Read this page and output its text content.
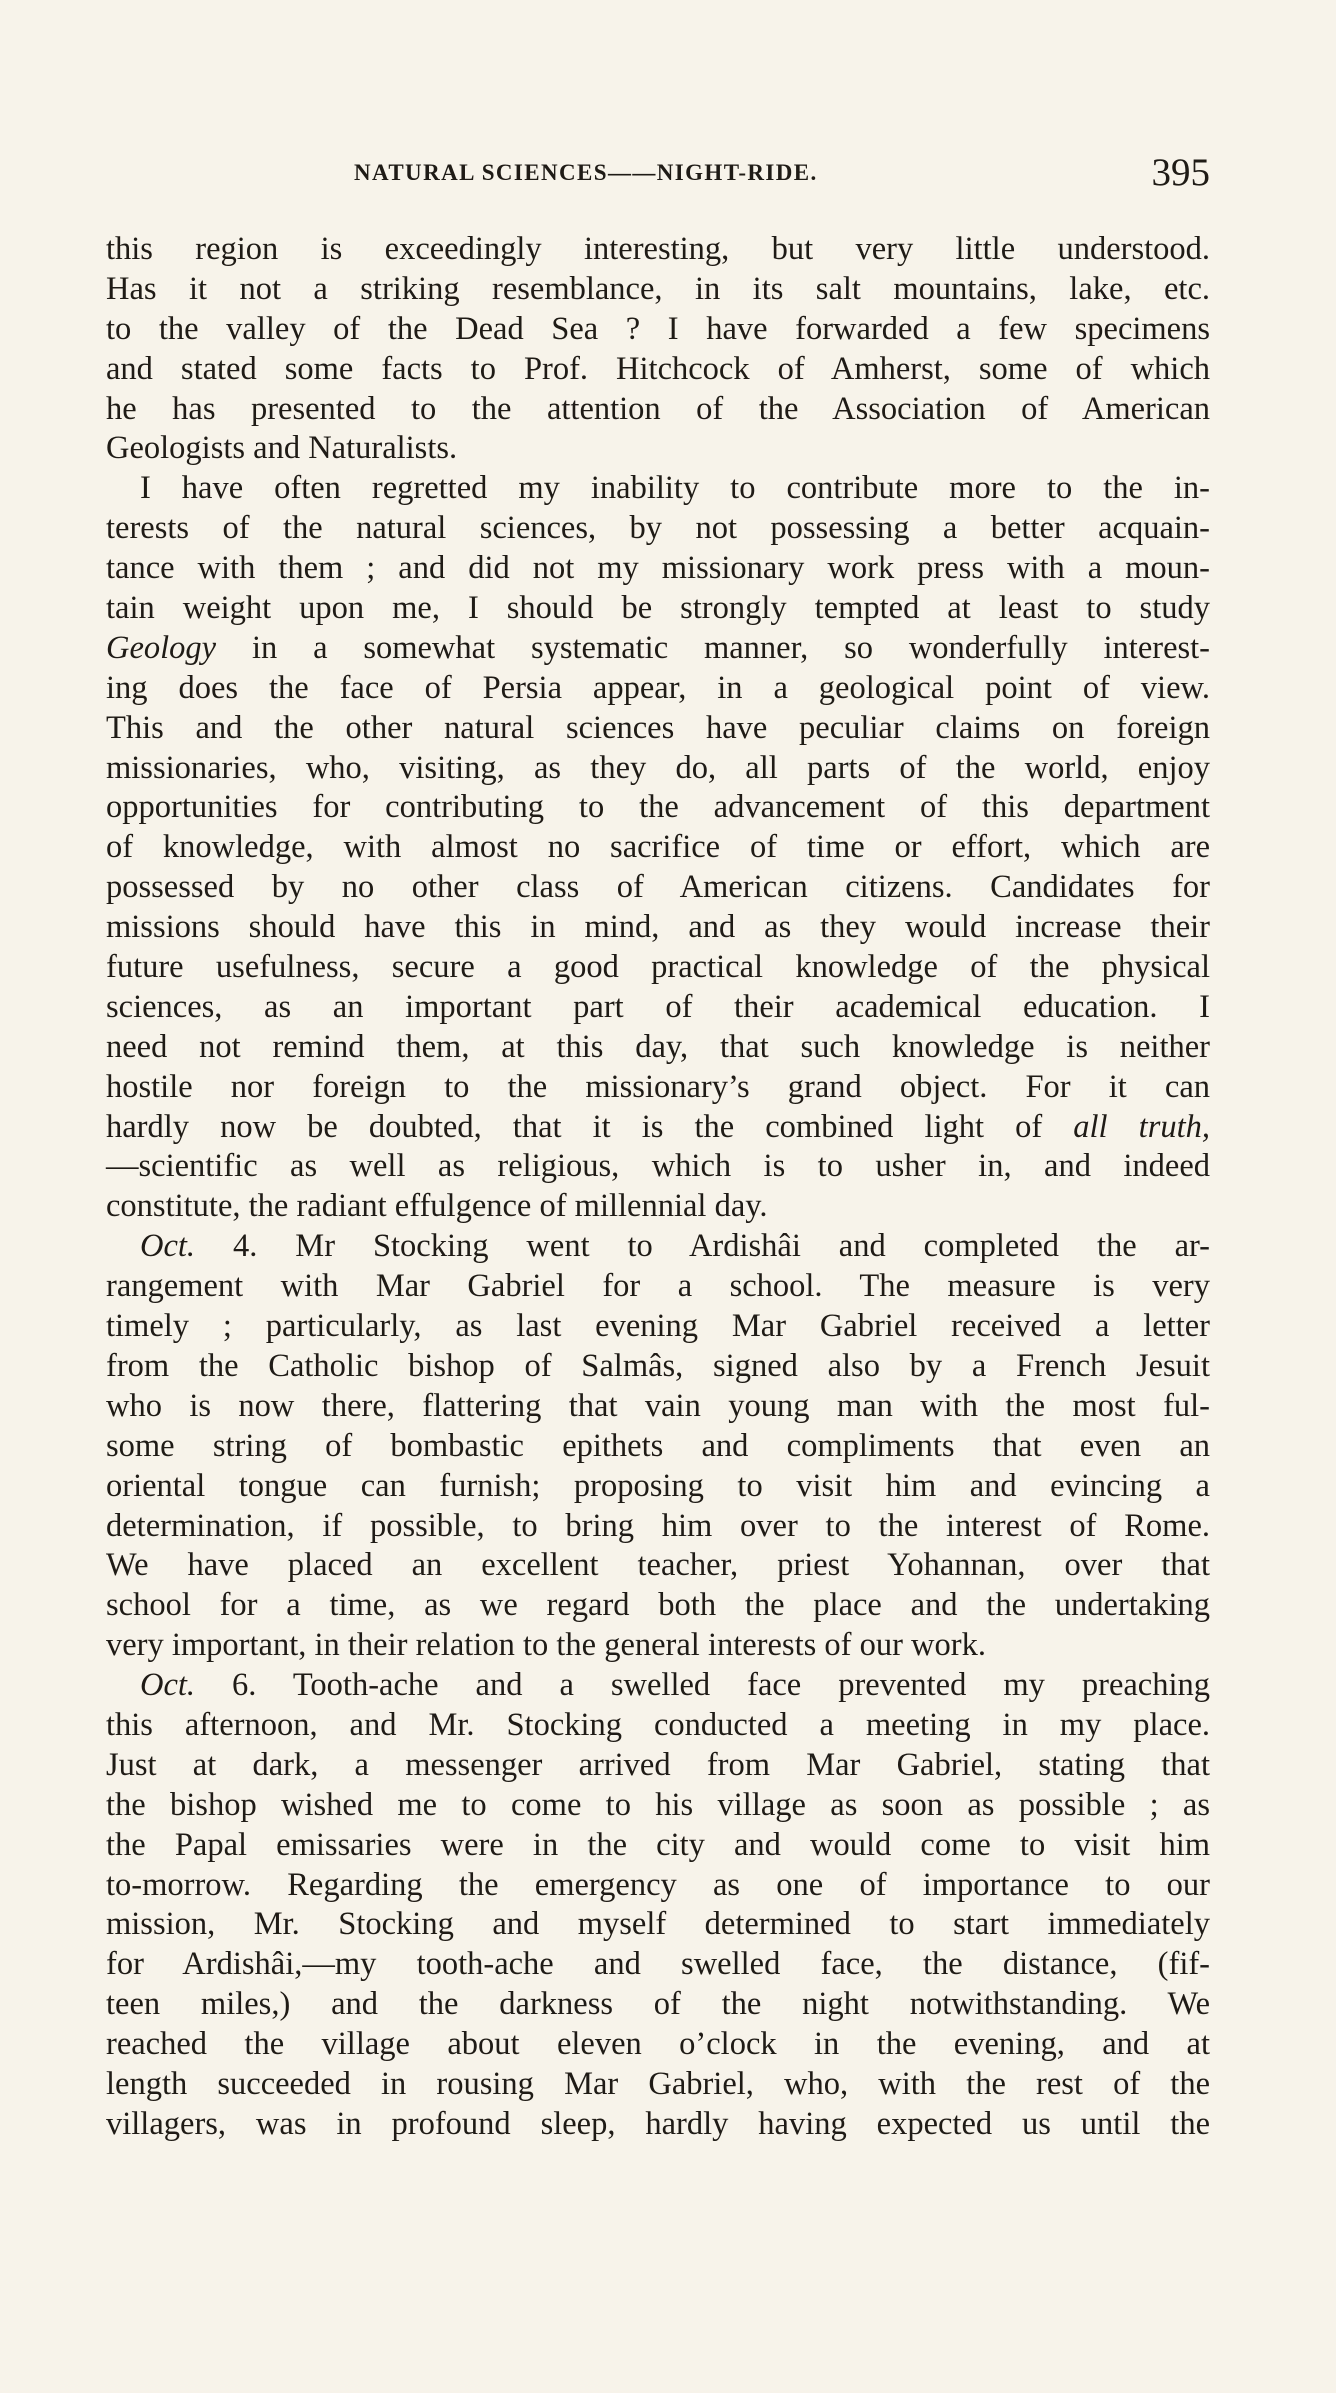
NATURAL SCIENCES——NIGHT-RIDE.	395
this region is exceedingly interesting, but very little understood.
Has it not a striking resemblance, in its salt mountains, lake, etc.
to the valley of the Dead Sea ? I have forwarded a few specimens
and stated some facts to Prof. Hitchcock of Amherst, some of which
he has presented to the attention of the Association of American
Geologists and Naturalists.
I have often regretted my inability to contribute more to the in-
terests of the natural sciences, by not possessing a better acquain-
tance with them ; and did not my missionary work press with a moun-
tain weight upon me, I should be strongly tempted at least to study
Geology in a somewhat systematic manner, so wonderfully interest-
ing does the face of Persia appear, in a geological point of view.
This and the other natural sciences have peculiar claims on foreign
missionaries, who, visiting, as they do, all parts of the world, enjoy
opportunities for contributing to the advancement of this department
of knowledge, with almost no sacrifice of time or effort, which are
possessed by no other class of American citizens. Candidates for
missions should have this in mind, and as they would increase their
future usefulness, secure a good practical knowledge of the physical
sciences, as an important part of their academical education. I
need not remind them, at this day, that such knowledge is neither
hostile nor foreign to the missionary’s grand object. For it can
hardly now be doubted, that it is the combined light of all truth,
—scientific as well as religious, which is to usher in, and indeed
constitute, the radiant effulgence of millennial day.
Oct. 4. Mr Stocking went to Ardishâi and completed the ar-
rangement with Mar Gabriel for a school. The measure is very
timely ; particularly, as last evening Mar Gabriel received a letter
from the Catholic bishop of Salmâs, signed also by a French Jesuit
who is now there, flattering that vain young man with the most ful-
some string of bombastic epithets and compliments that even an
oriental tongue can furnish; proposing to visit him and evincing a
determination, if possible, to bring him over to the interest of Rome.
We have placed an excellent teacher, priest Yohannan, over that
school for a time, as we regard both the place and the undertaking
very important, in their relation to the general interests of our work.
Oct. 6. Tooth-ache and a swelled face prevented my preaching
this afternoon, and Mr. Stocking conducted a meeting in my place.
Just at dark, a messenger arrived from Mar Gabriel, stating that
the bishop wished me to come to his village as soon as possible ; as
the Papal emissaries were in the city and would come to visit him
to-morrow. Regarding the emergency as one of importance to our
mission, Mr. Stocking and myself determined to start immediately
for Ardishâi,—my tooth-ache and swelled face, the distance, (fif-
teen miles,) and the darkness of the night notwithstanding. We
reached the village about eleven o’clock in the evening, and at
length succeeded in rousing Mar Gabriel, who, with the rest of the
villagers, was in profound sleep, hardly having expected us until the
